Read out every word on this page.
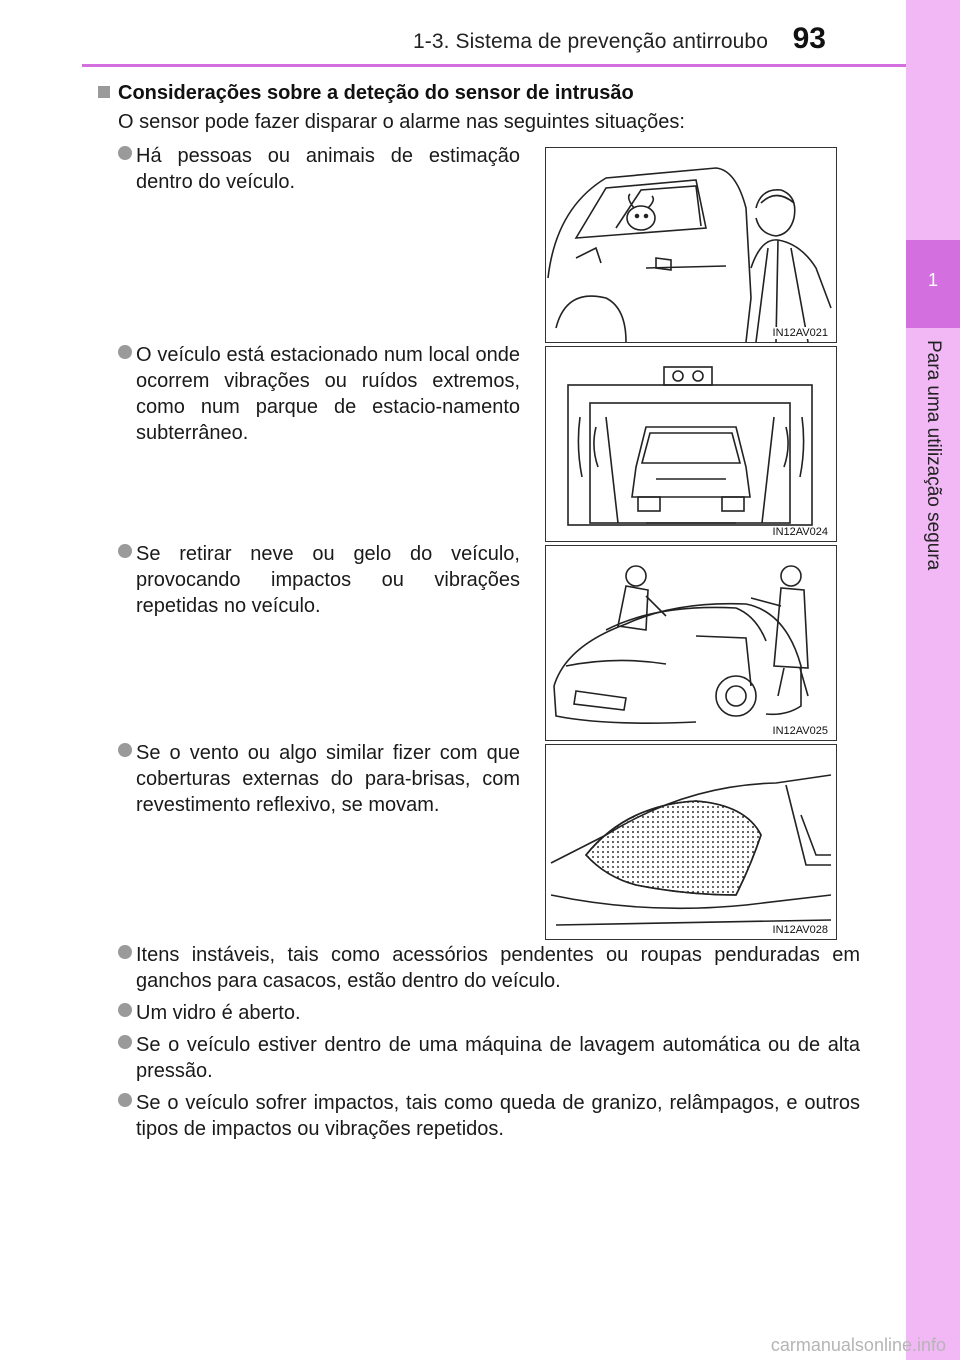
1-3. Sistema de prevenção antirroubo 93
1
Para uma utilização segura
Considerações sobre a deteção do sensor de intrusão
O sensor pode fazer disparar o alarme nas seguintes situações:
Há pessoas ou animais de estimação dentro do veículo.
O veículo está estacionado num local onde ocorrem vibrações ou ruídos extremos, como num parque de estacio-namento subterrâneo.
Se retirar neve ou gelo do veículo, provocando impactos ou vibrações repetidas no veículo.
Se o vento ou algo similar fizer com que coberturas externas do para-brisas, com revestimento reflexivo, se movam.
IN12AV021
IN12AV024
IN12AV025
IN12AV028
Itens instáveis, tais como acessórios pendentes ou roupas penduradas em ganchos para casacos, estão dentro do veículo.
Um vidro é aberto.
Se o veículo estiver dentro de uma máquina de lavagem automática ou de alta pressão.
Se o veículo sofrer impactos, tais como queda de granizo, relâmpagos, e outros tipos de impactos ou vibrações repetidos.
carmanualsonline.info
